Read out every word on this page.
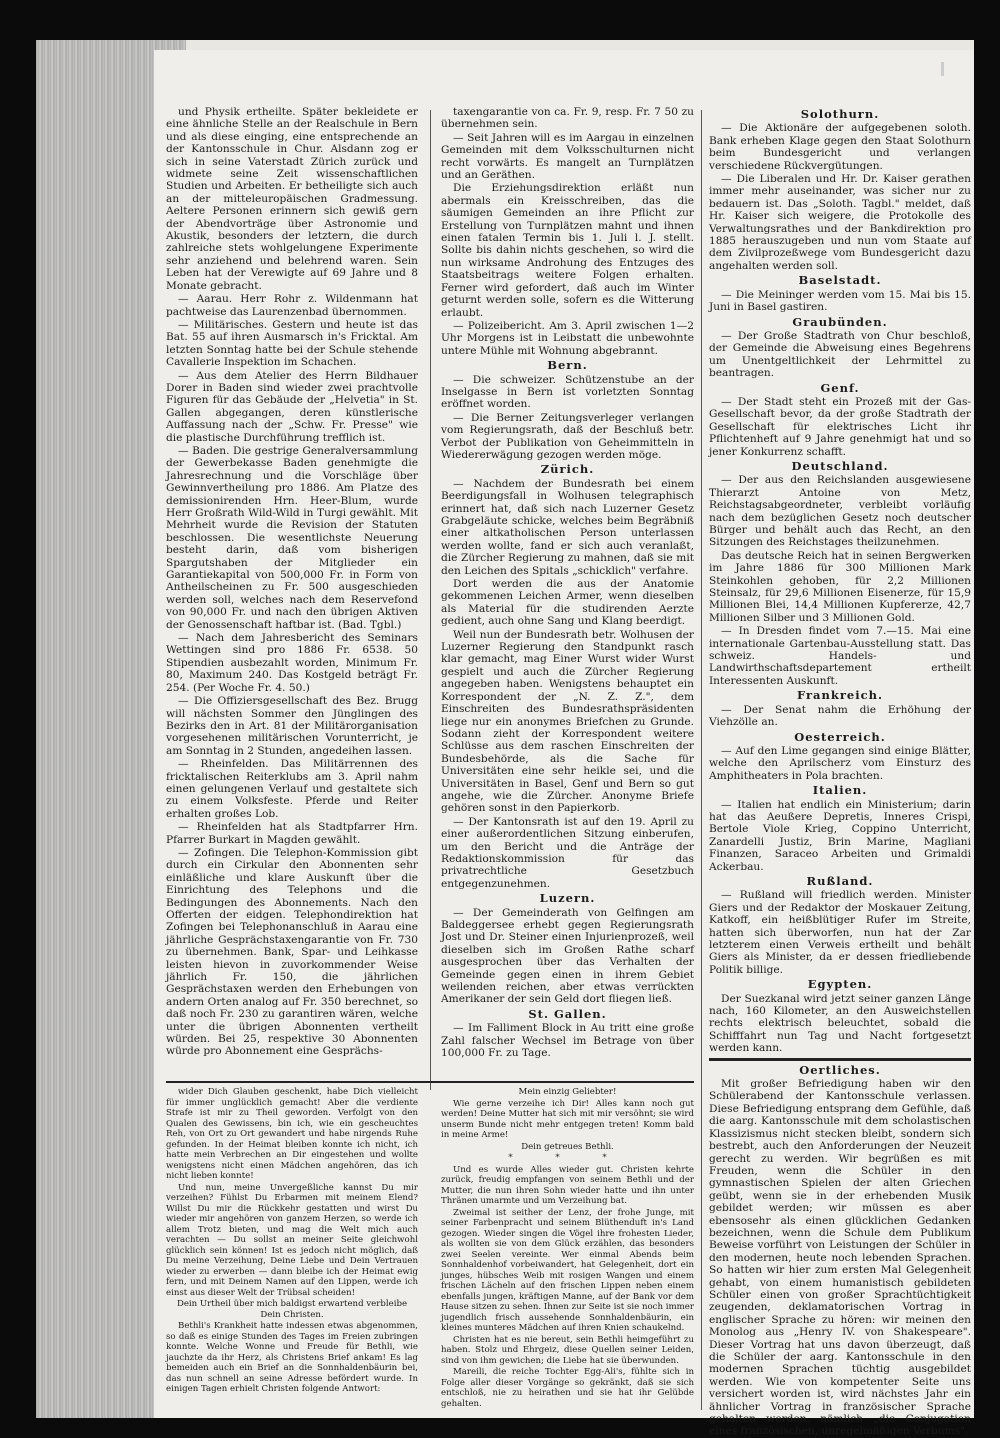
und Physik ertheilte. Später bekleidete er eine ähnliche Stelle an der Realschule in Bern und als diese einging, eine entsprechende an der Kantonsschule in Chur. Alsdann zog er sich in seine Vaterstadt Zürich zurück und widmete seine Zeit wissenschaftlichen Studien und Arbeiten. Er betheiligte sich auch an der mitteleuropäischen Gradmessung. Aeltere Personen erinnern sich gewiß gern der Abendvorträge über Astronomie und Akustik, besonders der letztern, die durch zahlreiche stets wohlgelungene Experimente sehr anziehend und belehrend waren. Sein Leben hat der Verewigte auf 69 Jahre und 8 Monate gebracht.

— Aarau. Herr Rohr z. Wildenmann hat pachtweise das Laurenzenbad übernommen.

— Militärisches. Gestern und heute ist das Bat. 55 auf ihren Ausmarsch in's Fricktal. Am letzten Sonntag hatte bei der Schule stehende Cavallerie Inspektion im Schachen.

— Aus dem Atelier des Herrn Bildhauer Dorer in Baden sind wieder zwei prachtvolle Figuren für das Gebäude der „Helvetia" in St. Gallen abgegangen, deren künstlerische Auffassung nach der „Schw. Fr. Presse" wie die plastische Durchführung trefflich ist.

— Baden. Die gestrige Generalversammlung der Gewerbekasse Baden genehmigte die Jahresrechnung und die Vorschläge über Gewinnvertheilung pro 1886. Am Platze des demissionirenden Hrn. Heer-Blum, wurde Herr Großrath Wild-Wild in Turgi gewählt. Mit Mehrheit wurde die Revision der Statuten beschlossen. Die wesentlichste Neuerung besteht darin, daß vom bisherigen Spargutshaben der Mitglieder ein Garantiekapital von 500,000 Fr. in Form von Antheilscheinen zu Fr. 500 ausgeschieden werden soll, welches nach dem Reservefond von 90,000 Fr. und nach den übrigen Aktiven der Genossenschaft haftbar ist. (Bad. Tgbl.)

— Nach dem Jahresbericht des Seminars Wettingen sind pro 1886 Fr. 6538. 50 Stipendien ausbezahlt worden, Minimum Fr. 80, Maximum 240. Das Kostgeld beträgt Fr. 254. (Per Woche Fr. 4. 50.)

— Die Offiziersgesellschaft des Bez. Brugg will nächsten Sommer den Jünglingen des Bezirks den in Art. 81 der Militärorganisation vorgesehenen militärischen Vorunterricht, je am Sonntag in 2 Stunden, angedeihen lassen.

— Rheinfelden. Das Militärrennen des fricktalischen Reiterklubs am 3. April nahm einen gelungenen Verlauf und gestaltete sich zu einem Volksfeste. Pferde und Reiter erhalten großes Lob.

— Rheinfelden hat als Stadtpfarrer Hrn. Pfarrer Burkart in Magden gewählt.

— Zofingen. Die Telephon-Kommission gibt durch ein Cirkular den Abonnenten sehr einläßliche und klare Auskunft über die Einrichtung des Telephons und die Bedingungen des Abonnements. Nach den Offerten der eidgen. Telephondirektion hat Zofingen bei Telephonanschluß in Aarau eine jährliche Gesprächstaxengarantie von Fr. 730 zu übernehmen. Bank, Spar- und Leihkasse leisten hievon in zuvorkommender Weise jährlich Fr. 150, die jährlichen Gesprächstaxen werden den Erhebungen von andern Orten analog auf Fr. 350 berechnet, so daß noch Fr. 230 zu garantiren wären, welche unter die übrigen Abonnenten vertheilt würden. Bei 25, respektive 30 Abonnenten würde pro Abonnement eine Gesprächs-

taxengarantie von ca. Fr. 9, resp. Fr. 7 50 zu übernehmen sein.

— Seit Jahren will es im Aargau in einzelnen Gemeinden mit dem Volksschulturnen nicht recht vorwärts. Es mangelt an Turnplätzen und an Geräthen.

Die Erziehungsdirektion erläßt nun abermals ein Kreisschreiben, das die säumigen Gemeinden an ihre Pflicht zur Erstellung von Turnplätzen mahnt und ihnen einen fatalen Termin bis 1. Juli l. J. stellt. Sollte bis dahin nichts geschehen, so wird die nun wirksame Androhung des Entzuges des Staatsbeitrags weitere Folgen erhalten. Ferner wird gefordert, daß auch im Winter geturnt werden solle, sofern es die Witterung erlaubt.

— Polizeibericht. Am 3. April zwischen 1—2 Uhr Morgens ist in Leibstatt die unbewohnte untere Mühle mit Wohnung abgebrannt.

Bern.

— Die schweizer. Schützenstube an der Inselgasse in Bern ist vorletzten Sonntag eröffnet worden.

— Die Berner Zeitungsverleger verlangen vom Regierungsrath, daß der Beschluß betr. Verbot der Publikation von Geheimmitteln in Wiedererwägung gezogen werden möge.

Zürich.

— Nachdem der Bundesrath bei einem Beerdigungsfall in Wolhusen telegraphisch erinnert hat, daß sich nach Luzerner Gesetz Grabgeläute schicke, welches beim Begräbniß einer altkatholischen Person unterlassen werden wollte, fand er sich auch veranlaßt, die Zürcher Regierung zu mahnen, daß sie mit den Leichen des Spitals „schicklich" verfahre.

Dort werden die aus der Anatomie gekommenen Leichen Armer, wenn dieselben als Material für die studirenden Aerzte gedient, auch ohne Sang und Klang beerdigt.

Weil nun der Bundesrath betr. Wolhusen der Luzerner Regierung den Standpunkt rasch klar gemacht, mag Einer Wurst wider Wurst gespielt und auch die Zürcher Regierung angegeben haben. Wenigstens behauptet ein Korrespondent der „N. Z. Z.", dem Einschreiten des Bundesrathspräsidenten liege nur ein anonymes Briefchen zu Grunde. Sodann zieht der Korrespondent weitere Schlüsse aus dem raschen Einschreiten der Bundesbehörde, als die Sache für Universitäten eine sehr heikle sei, und die Universitäten in Basel, Genf und Bern so gut angehe, wie die Zürcher. Anonyme Briefe gehören sonst in den Papierkorb.

— Der Kantonsrath ist auf den 19. April zu einer außerordentlichen Sitzung einberufen, um den Bericht und die Anträge der Redaktionskommission für das privatrechtliche Gesetzbuch entgegenzunehmen.

Luzern.

— Der Gemeinderath von Gelfingen am Baldeggersee erhebt gegen Regierungsrath Jost und Dr. Steiner einen Injurienprozeß, weil dieselben sich im Großen Rathe scharf ausgesprochen über das Verhalten der Gemeinde gegen einen in ihrem Gebiet weilenden reichen, aber etwas verrückten Amerikaner der sein Geld dort fliegen ließ.

St. Gallen.

— Im Falliment Block in Au tritt eine große Zahl falscher Wechsel im Betrage von über 100,000 Fr. zu Tage.

Solothurn.

— Die Aktionäre der aufgegebenen soloth. Bank erheben Klage gegen den Staat Solothurn beim Bundesgericht und verlangen verschiedene Rückvergütungen.

— Die Liberalen und Hr. Dr. Kaiser gerathen immer mehr auseinander, was sicher nur zu bedauern ist. Das „Soloth. Tagbl." meldet, daß Hr. Kaiser sich weigere, die Protokolle des Verwaltungsrathes und der Bankdirektion pro 1885 herauszugeben und nun vom Staate auf dem Zivilprozeßwege vom Bundesgericht dazu angehalten werden soll.

Baselstadt.

— Die Meininger werden vom 15. Mai bis 15. Juni in Basel gastiren.

Graubünden.

— Der Große Stadtrath von Chur beschloß, der Gemeinde die Abweisung eines Begehrens um Unentgeltlichkeit der Lehrmittel zu beantragen.

Genf.

— Der Stadt steht ein Prozeß mit der Gas-Gesellschaft bevor, da der große Stadtrath der Gesellschaft für elektrisches Licht ihr Pflichtenheft auf 9 Jahre genehmigt hat und so jener Konkurrenz schafft.

Deutschland.

— Der aus den Reichslanden ausgewiesene Thierarzt Antoine von Metz, Reichstagsabgeordneter, verbleibt vorläufig nach dem bezüglichen Gesetz noch deutscher Bürger und behält auch das Recht, an den Sitzungen des Reichstages theilzunehmen.

Das deutsche Reich hat in seinen Bergwerken im Jahre 1886 für 300 Millionen Mark Steinkohlen gehoben, für 2,2 Millionen Steinsalz, für 29,6 Millionen Eisenerze, für 15,9 Millionen Blei, 14,4 Millionen Kupfererze, 42,7 Millionen Silber und 3 Millionen Gold.

— In Dresden findet vom 7.—15. Mai eine internationale Gartenbau-Ausstellung statt. Das schweiz. Handels- und Landwirthschaftsdepartement ertheilt Interessenten Auskunft.

Frankreich.

— Der Senat nahm die Erhöhung der Viehzölle an.

Oesterreich.

— Auf den Lime gegangen sind einige Blätter, welche den Aprilscherz vom Einsturz des Amphitheaters in Pola brachten.

Italien.

— Italien hat endlich ein Ministerium; darin hat das Aeußere Depretis, Inneres Crispi, Bertole Viole Krieg, Coppino Unterricht, Zanardelli Justiz, Brin Marine, Magliani Finanzen, Saraceo Arbeiten und Grimaldi Ackerbau.

Rußland.

— Rußland will friedlich werden. Minister Giers und der Redaktor der Moskauer Zeitung, Katkoff, ein heißblütiger Rufer im Streite, hatten sich überworfen, nun hat der Zar letzterem einen Verweis ertheilt und behält Giers als Minister, da er dessen friedliebende Politik billige.

Egypten.

Der Suezkanal wird jetzt seiner ganzen Länge nach, 160 Kilometer, an den Ausweichstellen rechts elektrisch beleuchtet, sobald die Schifffahrt nun Tag und Nacht fortgesetzt werden kann.

Oertliches.

Mit großer Befriedigung haben wir den Schülerabend der Kantonsschule verlassen. Diese Befriedigung entsprang dem Gefühle, daß die aarg. Kantonsschule mit dem scholastischen Klassizismus nicht stecken bleibt, sondern sich bestrebt, auch den Anforderungen der Neuzeit gerecht zu werden. Wir begrüßen es mit Freuden, wenn die Schüler in den gymnastischen Spielen der alten Griechen geübt, wenn sie in der erhebenden Musik gebildet werden; wir müssen es aber ebensosehr als einen glücklichen Gedanken bezeichnen, wenn die Schule dem Publikum Beweise vorführt von Leistungen der Schüler in den modernen, heute noch lebenden Sprachen. So hatten wir hier zum ersten Mal Gelegenheit gehabt, von einem humanistisch gebildeten Schüler einen von großer Sprachtüchtigkeit zeugenden, deklamatorischen Vortrag in englischer Sprache zu hören: wir meinen den Monolog aus „Henry IV. von Shakespeare". Dieser Vortrag hat uns davon überzeugt, daß die Schüler der aarg. Kantonsschule in den modernen Sprachen tüchtig ausgebildet werden. Wie von kompetenter Seite uns versichert worden ist, wird nächstes Jahr ein ähnlicher Vortrag in französischer Sprache gehalten werden, nämlich „die Conjugation eines französischen, unregelmäßigen Verbums".

wider Dich Glauben geschenkt, habe Dich vielleicht für immer unglücklich gemacht! Aber die verdiente Strafe ist mir zu Theil geworden. Verfolgt von den Qualen des Gewissens, bin ich, wie ein gescheuchtes Reh, von Ort zu Ort gewandert und habe nirgends Ruhe gefunden. In der Heimat bleiben konnte ich nicht, ich hatte mein Verbrechen an Dir eingestehen und wollte wenigstens nicht einen Mädchen angehören, das ich nicht lieben konnte!

Und nun, meine Unvergeßliche kannst Du mir verzeihen? Fühlst Du Erbarmen mit meinem Elend? Willst Du mir die Rückkehr gestatten und wirst Du wieder mir angehören von ganzem Herzen, so werde ich allem Trotz bieten, und mag die Welt mich auch verachten — Du sollst an meiner Seite gleichwohl glücklich sein können! Ist es jedoch nicht möglich, daß Du meine Verzeihung, Deine Liebe und Dein Vertrauen wieder zu erwerben — dann bleibe ich der Heimat ewig fern, und mit Deinem Namen auf den Lippen, werde ich einst aus dieser Welt der Trübsal scheiden!

Dein Urtheil über mich baldigst erwartend verbleibe Dein Christen.

Bethli's Krankheit hatte indessen etwas abgenommen, so daß es einige Stunden des Tages im Freien zubringen konnte. Welche Wonne und Freude für Bethli, wie jauchzte da ihr Herz, als Christens Brief ankam! Es lag bemeiden auch ein Brief an die Sonnhaldenbäurin bei, das nun schnell an seine Adresse befördert wurde. In einigen Tagen erhielt Christen folgende Antwort:

Mein einzig Geliebter!

Wie gerne verzeihe ich Dir! Alles kann noch gut werden! Deine Mutter hat sich mit mir versöhnt; sie wird unserm Bunde nicht mehr entgegen treten! Komm bald in meine Arme!

Dein getreues Bethli.

* * *

Und es wurde Alles wieder gut. Christen kehrte zurück, freudig empfangen von seinem Bethli und der Mutter, die nun ihren Sohn wieder hatte und ihn unter Thränen umarmte und um Verzeihung bat.

Zweimal ist seither der Lenz, der frohe Junge, mit seiner Farbenpracht und seinem Blüthenduft in's Land gezogen. Wieder singen die Vögel ihre frohesten Lieder, als wollten sie von dem Glück erzählen, das besonders zwei Seelen vereinte. Wer einmal Abends beim Sonnhaldenhof vorbeiwandert, hat Gelegenheit, dort ein junges, hübsches Weib mit rosigen Wangen und einem frischen Lächeln auf den frischen Lippen neben einem ebenfalls jungen, kräftigen Manne, auf der Bank vor dem Hause sitzen zu sehen. Ihnen zur Seite ist sie noch immer jugendlich frisch aussehende Sonnhaldenbäurin, ein kleines munteres Mädchen auf ihren Knien schaukelnd.

Christen hat es nie bereut, sein Bethli heimgeführt zu haben. Stolz und Ehrgeiz, diese Quellen seiner Leiden, sind von ihm gewichen; die Liebe hat sie überwunden.

Mareili, die reiche Tochter Egg-Ali's, fühlte sich in Folge aller dieser Vorgänge so gekränkt, daß sie sich entschloß, nie zu heirathen und sie hat ihr Gelübde gehalten.
